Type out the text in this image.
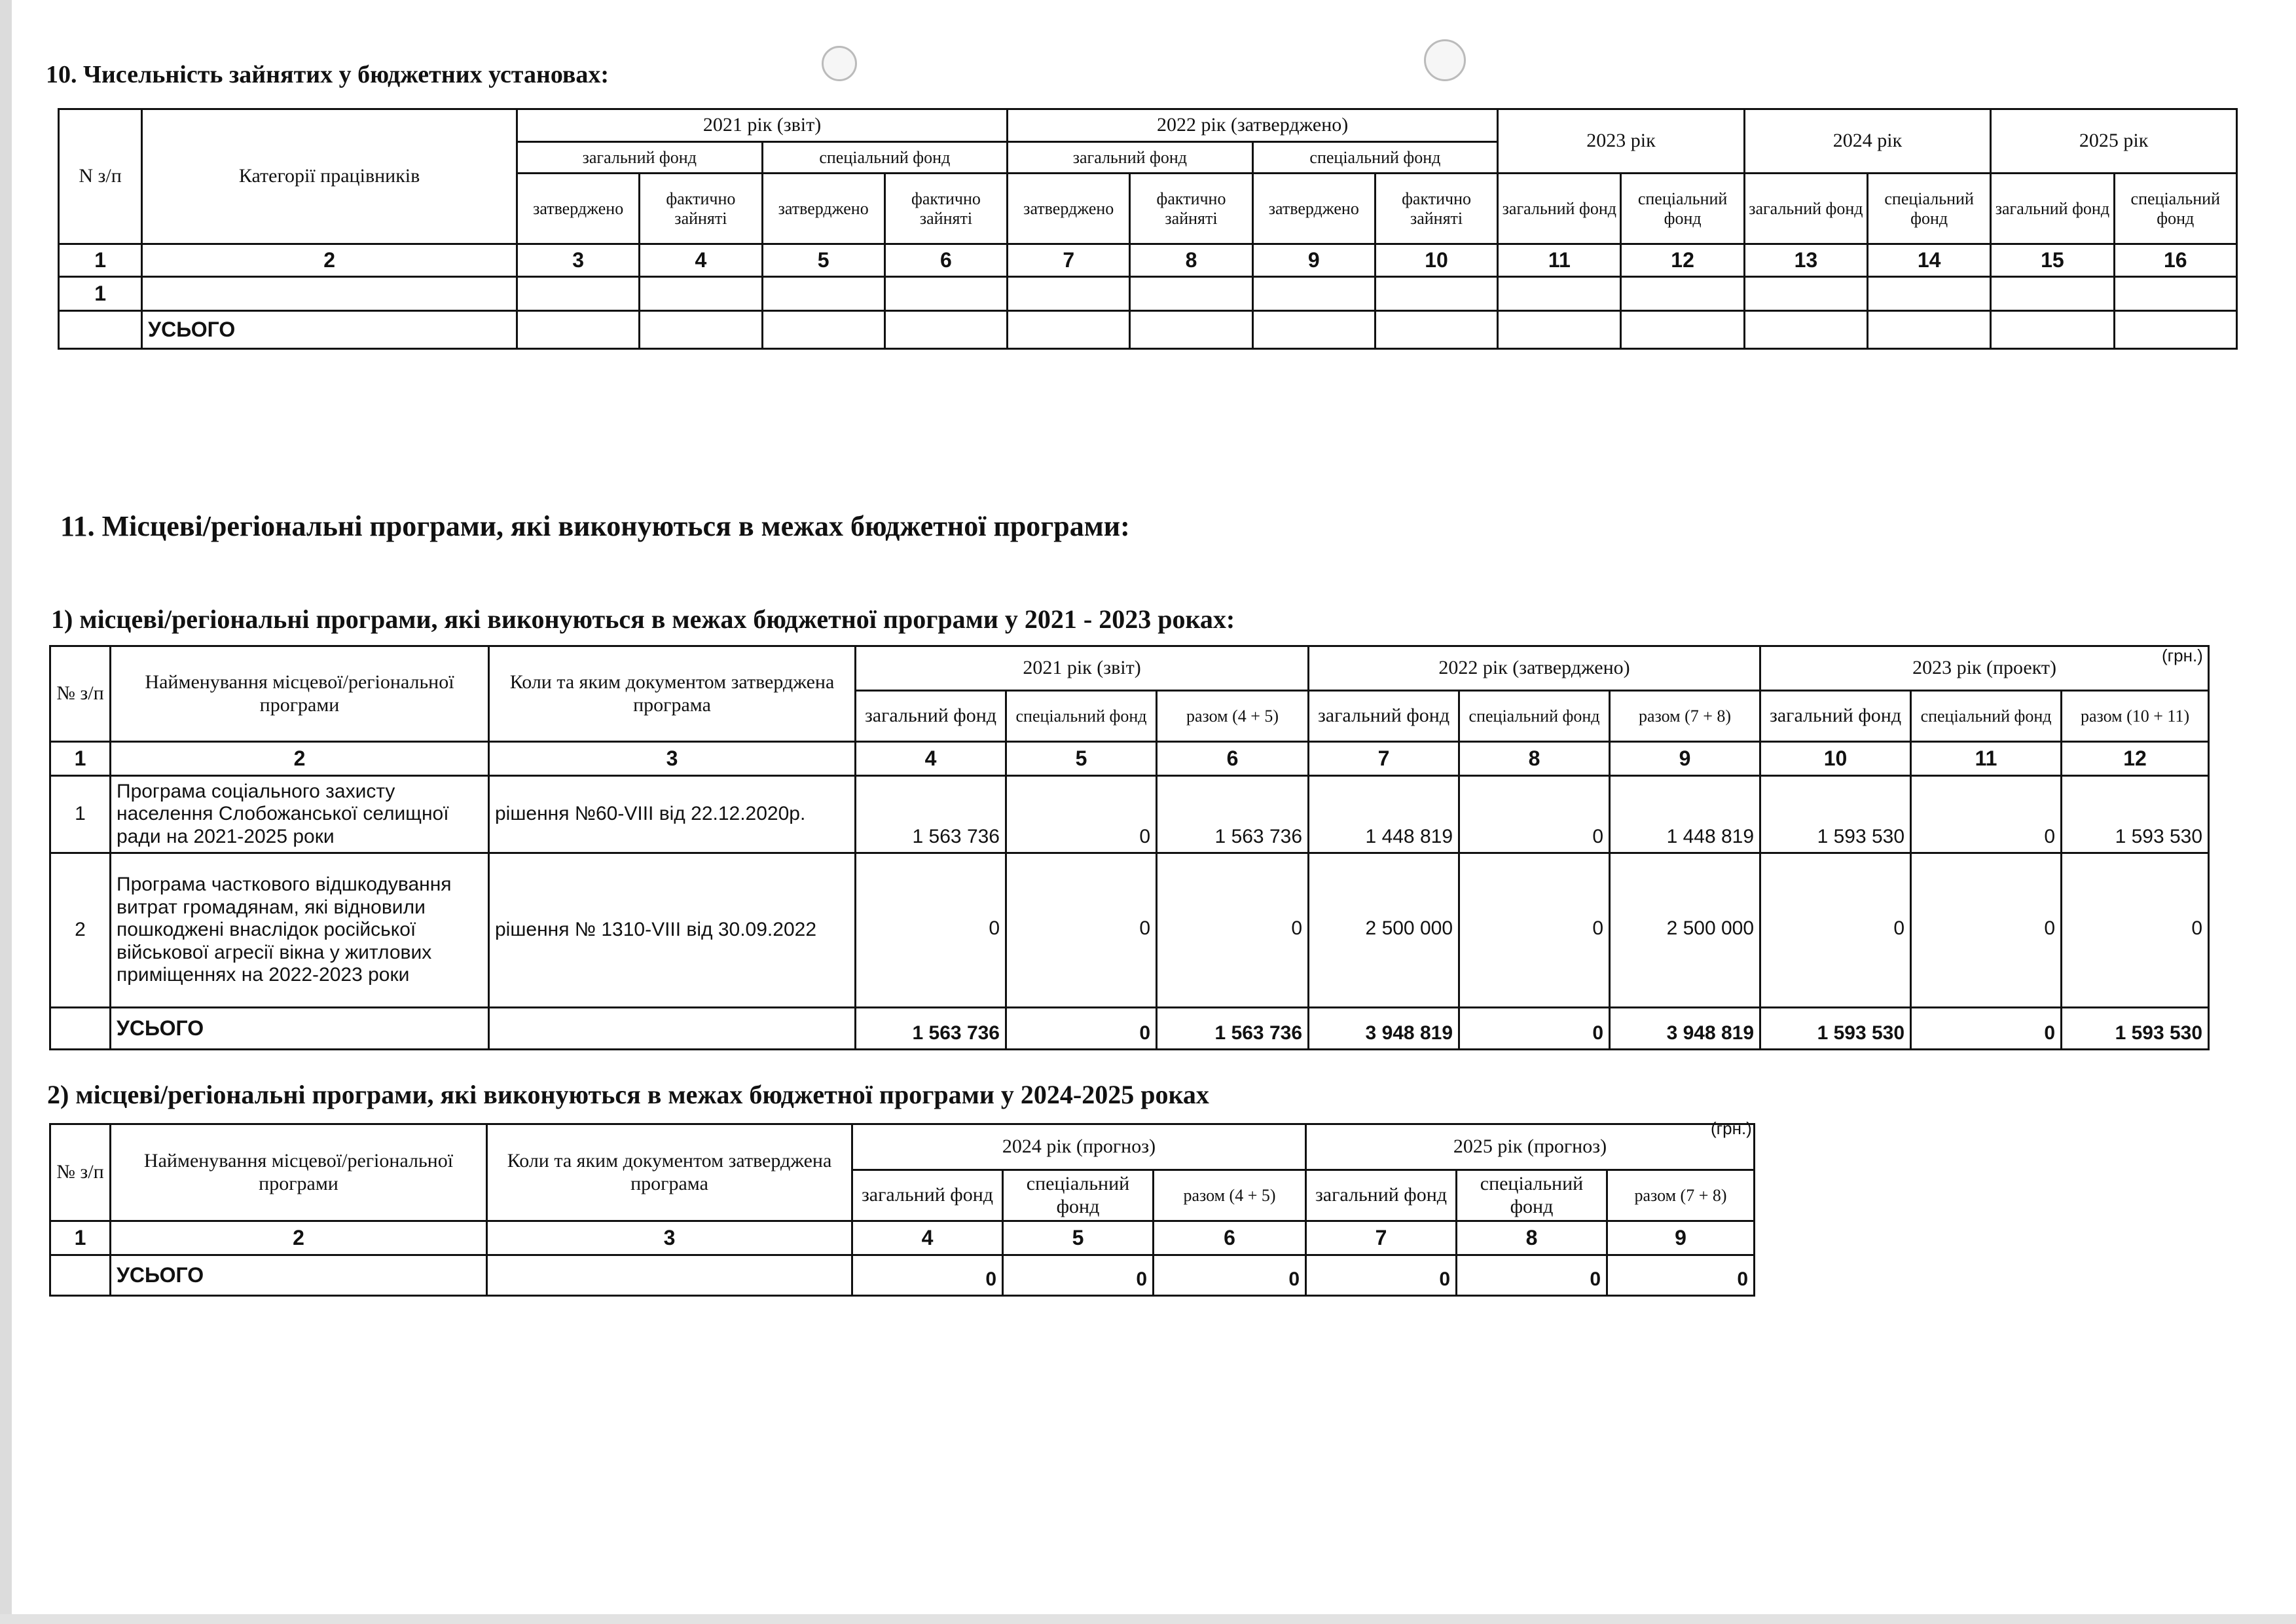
10. Чисельність зайнятих у бюджетних установах:
N з/п	Категорії працівників	2021 рік (звіт)				2022 рік (затверджено)				2023 рік		2024 рік		2025 рік	
		загальний фонд		спеціальний фонд		загальний фонд		спеціальний фонд							
		затверджено	фактично зайняті	затверджено	фактично зайняті	затверджено	фактично зайняті	затверджено	фактично зайняті	загальний фонд	спеціальний фонд	загальний фонд	спеціальний фонд	загальний фонд	спеціальний фонд
1	2	3	4	5	6	7	8	9	10	11	12	13	14	15	16
1															
	УСЬОГО														
11. Місцеві/регіональні програми, які виконуються в межах бюджетної програми:
1) місцеві/регіональні програми, які виконуються в межах бюджетної програми у 2021 - 2023 роках:
(грн.)
№ з/п	Найменування місцевої/регіональної програми	Коли та яким документом затверджена програма	2021 рік (звіт)			2022 рік (затверджено)			2023 рік (проект)		
			загальний фонд	спеціальний фонд	разом (4 + 5)	загальний фонд	спеціальний фонд	разом (7 + 8)	загальний фонд	спеціальний фонд	разом (10 + 11)
1	2	3	4	5	6	7	8	9	10	11	12
1	Програма соціального захисту населення Слобожанської селищної ради на 2021-2025 роки	рішення №60-VIII від 22.12.2020р.	1 563 736	0	1 563 736	1 448 819	0	1 448 819	1 593 530	0	1 593 530
2	Програма часткового відшкодування витрат громадянам, які відновили пошкоджені внаслідок російської військової агресії вікна у житлових приміщеннях на 2022-2023 роки	рішення № 1310-VIII від 30.09.2022	0	0	0	2 500 000	0	2 500 000	0	0	0
	УСЬОГО		1 563 736	0	1 563 736	3 948 819	0	3 948 819	1 593 530	0	1 593 530
2) місцеві/регіональні програми, які виконуються в межах бюджетної програми у 2024-2025 роках
(грн.)
№ з/п	Найменування місцевої/регіональної програми	Коли та яким документом затверджена програма	2024 рік (прогноз)			2025 рік (прогноз)		
			загальний фонд	спеціальний фонд	разом (4 + 5)	загальний фонд	спеціальний фонд	разом (7 + 8)
1	2	3	4	5	6	7	8	9
	УСЬОГО		0	0	0	0	0	0
